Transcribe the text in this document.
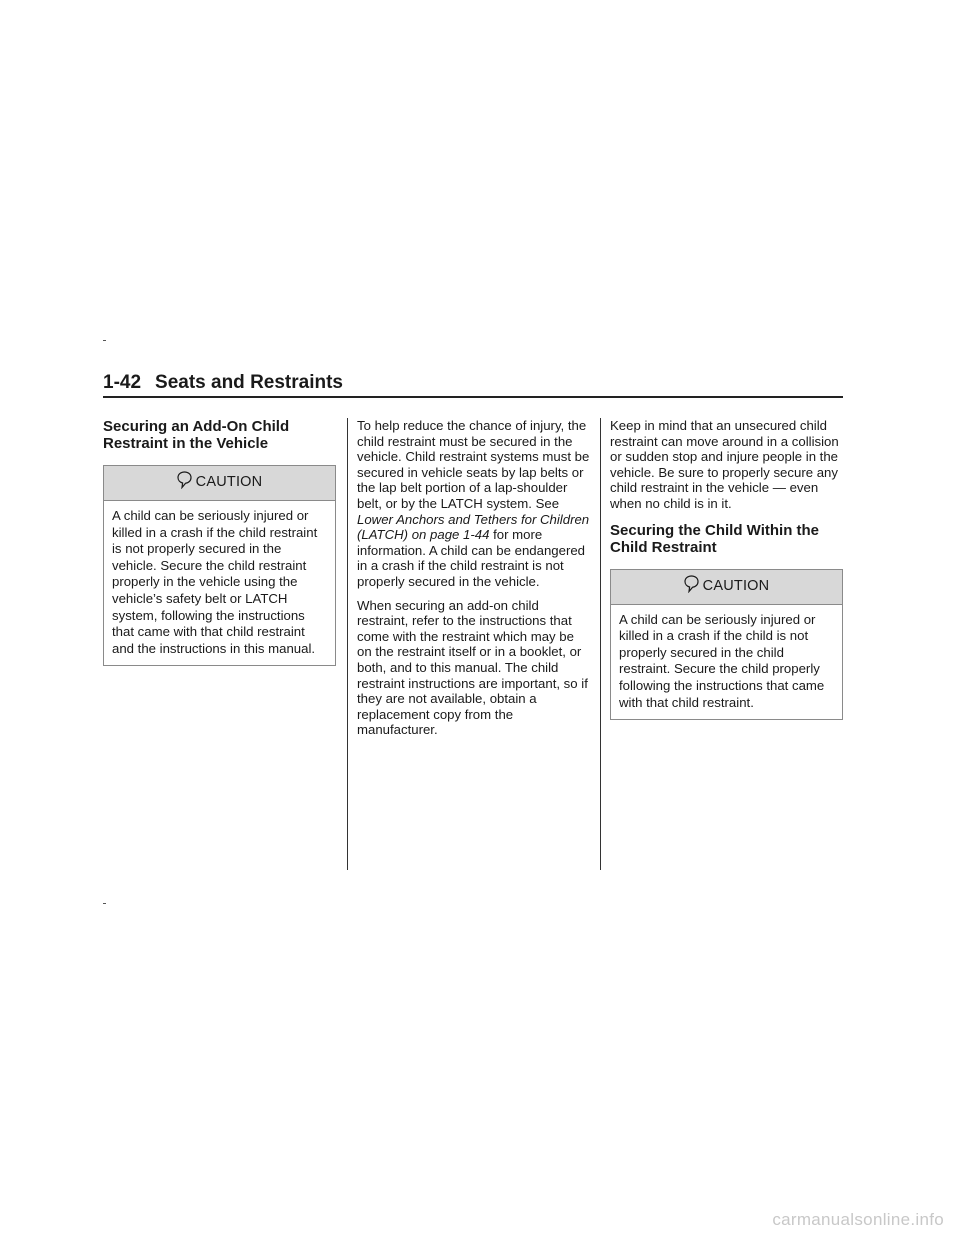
1-42 Seats and Restraints
Securing an Add-On Child Restraint in the Vehicle
CAUTION
A child can be seriously injured or killed in a crash if the child restraint is not properly secured in the vehicle. Secure the child restraint properly in the vehicle using the vehicle’s safety belt or LATCH system, following the instructions that came with that child restraint and the instructions in this manual.

To help reduce the chance of injury, the child restraint must be secured in the vehicle. Child restraint systems must be secured in vehicle seats by lap belts or the lap belt portion of a lap-shoulder belt, or by the LATCH system. See Lower Anchors and Tethers for Children (LATCH) on page 1-44 for more information. A child can be endangered in a crash if the child restraint is not properly secured in the vehicle.

When securing an add-on child restraint, refer to the instructions that come with the restraint which may be on the restraint itself or in a booklet, or both, and to this manual. The child restraint instructions are important, so if they are not available, obtain a replacement copy from the manufacturer.

Keep in mind that an unsecured child restraint can move around in a collision or sudden stop and injure people in the vehicle. Be sure to properly secure any child restraint in the vehicle — even when no child is in it.

Securing the Child Within the Child Restraint
CAUTION
A child can be seriously injured or killed in a crash if the child is not properly secured in the child restraint. Secure the child properly following the instructions that came with that child restraint.
carmanualsonline.info
